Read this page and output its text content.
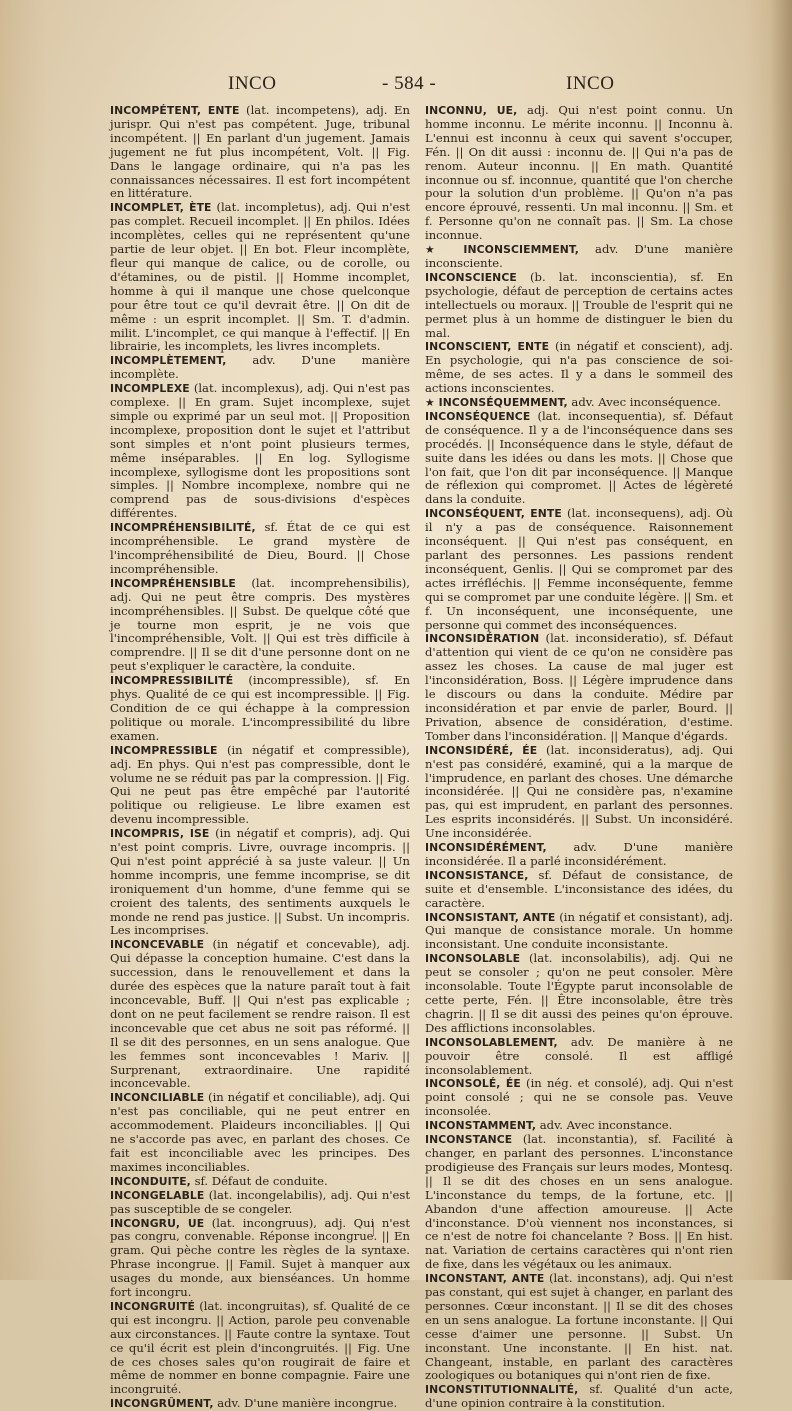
INCO	- 584 -	INCO

INCOMPÉTENT, ENTE (lat. incompetens), adj. En jurispr. Qui n'est pas compétent. Juge, tribunal incompétent. || En parlant d'un jugement. Jamais jugement ne fut plus incompétent, Volt. || Fig. Dans le langage ordinaire, qui n'a pas les connaissances nécessaires. Il est fort incompétent en littérature.

INCOMPLET, ÈTE (lat. incompletus), adj. Qui n'est pas complet. Recueil incomplet. || En philos. Idées incomplètes, celles qui ne représentent qu'une partie de leur objet. || En bot. Fleur incomplète, fleur qui manque de calice, ou de corolle, ou d'étamines, ou de pistil. || Homme incomplet, homme à qui il manque une chose quelconque pour être tout ce qu'il devrait être. || On dit de même : un esprit incomplet. || Sm. T. d'admin. milit. L'incomplet, ce qui manque à l'effectif. || En librairie, les incomplets, les livres incomplets.

INCOMPLÈTEMENT, adv. D'une manière incomplète.

INCOMPLEXE (lat. incomplexus), adj. Qui n'est pas complexe. || En gram. Sujet incomplexe, sujet simple ou exprimé par un seul mot. || Proposition incomplexe, proposition dont le sujet et l'attribut sont simples et n'ont point plusieurs termes, même inséparables. || En log. Syllogisme incomplexe, syllogisme dont les propositions sont simples. || Nombre incomplexe, nombre qui ne comprend pas de sous-divisions d'espèces différentes.

INCOMPRÉHENSIBILITÉ, sf. État de ce qui est incompréhensible. Le grand mystère de l'incompréhensibilité de Dieu, Bourd. || Chose incompréhensible.

INCOMPRÉHENSIBLE (lat. incomprehensibilis), adj. Qui ne peut être compris. Des mystères incompréhensibles. || Subst. De quelque côté que je tourne mon esprit, je ne vois que l'incompréhensible, Volt. || Qui est très difficile à comprendre. || Il se dit d'une personne dont on ne peut s'expliquer le caractère, la conduite.

INCOMPRESSIBILITÉ (incompressible), sf. En phys. Qualité de ce qui est incompressible. || Fig. Condition de ce qui échappe à la compression politique ou morale. L'incompressibilité du libre examen.

INCOMPRESSIBLE (in négatif et compressible), adj. En phys. Qui n'est pas compressible, dont le volume ne se réduit pas par la compression. || Fig. Qui ne peut pas être empêché par l'autorité politique ou religieuse. Le libre examen est devenu incompressible.

INCOMPRIS, ISE (in négatif et compris), adj. Qui n'est point compris. Livre, ouvrage incompris. || Qui n'est point apprécié à sa juste valeur. || Un homme incompris, une femme incomprise, se dit ironiquement d'un homme, d'une femme qui se croient des talents, des sentiments auxquels le monde ne rend pas justice. || Subst. Un incompris. Les incomprises.

INCONCEVABLE (in négatif et concevable), adj. Qui dépasse la conception humaine. C'est dans la succession, dans le renouvellement et dans la durée des espèces que la nature paraît tout à fait inconcevable, Buff. || Qui n'est pas explicable ; dont on ne peut facilement se rendre raison. Il est inconcevable que cet abus ne soit pas réformé. || Il se dit des personnes, en un sens analogue. Que les femmes sont inconcevables ! Mariv. || Surprenant, extraordinaire. Une rapidité inconcevable.

INCONCILIABLE (in négatif et conciliable), adj. Qui n'est pas conciliable, qui ne peut entrer en accommodement. Plaideurs inconciliables. || Qui ne s'accorde pas avec, en parlant des choses. Ce fait est inconciliable avec les principes. Des maximes inconciliables.

INCONDUITE, sf. Défaut de conduite.

INCONGELABLE (lat. incongelabilis), adj. Qui n'est pas susceptible de se congeler.

INCONGRU, UE (lat. incongruus), adj. Qui n'est pas congru, convenable. Réponse incongrue. || En gram. Qui pèche contre les règles de la syntaxe. Phrase incongrue. || Famil. Sujet à manquer aux usages du monde, aux bienséances. Un homme fort incongru.

INCONGRUITÉ (lat. incongruitas), sf. Qualité de ce qui est incongru. || Action, parole peu convenable aux circonstances. || Faute contre la syntaxe. Tout ce qu'il écrit est plein d'incongruités. || Fig. Une de ces choses sales qu'on rougirait de faire et même de nommer en bonne compagnie. Faire une incongruité.

INCONGRÛMENT, adv. D'une manière incongrue.

INCONNU, UE, adj. Qui n'est point connu. Un homme inconnu. Le mérite inconnu. || Inconnu à. L'ennui est inconnu à ceux qui savent s'occuper, Fén. || On dit aussi : inconnu de. || Qui n'a pas de renom. Auteur inconnu. || En math. Quantité inconnue ou sf. inconnue, quantité que l'on cherche pour la solution d'un problème. || Qu'on n'a pas encore éprouvé, ressenti. Un mal inconnu. || Sm. et f. Personne qu'on ne connaît pas. || Sm. La chose inconnue.

★ INCONSCIEMMENT, adv. D'une manière inconsciente.

INCONSCIENCE (b. lat. inconscientia), sf. En psychologie, défaut de perception de certains actes intellectuels ou moraux. || Trouble de l'esprit qui ne permet plus à un homme de distinguer le bien du mal.

INCONSCIENT, ENTE (in négatif et conscient), adj. En psychologie, qui n'a pas conscience de soi-même, de ses actes. Il y a dans le sommeil des actions inconscientes.

★ INCONSÉQUEMMENT, adv. Avec inconséquence.

INCONSÉQUENCE (lat. inconsequentia), sf. Défaut de conséquence. Il y a de l'inconséquence dans ses procédés. || Inconséquence dans le style, défaut de suite dans les idées ou dans les mots. || Chose que l'on fait, que l'on dit par inconséquence. || Manque de réflexion qui compromet. || Actes de légèreté dans la conduite.

INCONSÉQUENT, ENTE (lat. inconsequens), adj. Où il n'y a pas de conséquence. Raisonnement inconséquent. || Qui n'est pas conséquent, en parlant des personnes. Les passions rendent inconséquent, Genlis. || Qui se compromet par des actes irréfléchis. || Femme inconséquente, femme qui se compromet par une conduite légère. || Sm. et f. Un inconséquent, une inconséquente, une personne qui commet des inconséquences.

INCONSIDÉRATION (lat. inconsideratio), sf. Défaut d'attention qui vient de ce qu'on ne considère pas assez les choses. La cause de mal juger est l'inconsidération, Boss. || Légère imprudence dans le discours ou dans la conduite. Médire par inconsidération et par envie de parler, Bourd. || Privation, absence de considération, d'estime. Tomber dans l'inconsidération. || Manque d'égards.

INCONSIDÉRÉ, ÉE (lat. inconsideratus), adj. Qui n'est pas considéré, examiné, qui a la marque de l'imprudence, en parlant des choses. Une démarche inconsidérée. || Qui ne considère pas, n'examine pas, qui est imprudent, en parlant des personnes. Les esprits inconsidérés. || Subst. Un inconsidéré. Une inconsidérée.

INCONSIDÉRÉMENT, adv. D'une manière inconsidérée. Il a parlé inconsidérément.

INCONSISTANCE, sf. Défaut de consistance, de suite et d'ensemble. L'inconsistance des idées, du caractère.

INCONSISTANT, ANTE (in négatif et consistant), adj. Qui manque de consistance morale. Un homme inconsistant. Une conduite inconsistante.

INCONSOLABLE (lat. inconsolabilis), adj. Qui ne peut se consoler ; qu'on ne peut consoler. Mère inconsolable. Toute l'Égypte parut inconsolable de cette perte, Fén. || Être inconsolable, être très chagrin. || Il se dit aussi des peines qu'on éprouve. Des afflictions inconsolables.

INCONSOLABLEMENT, adv. De manière à ne pouvoir être consolé. Il est affligé inconsolablement.

INCONSOLÉ, ÉE (in nég. et consolé), adj. Qui n'est point consolé ; qui ne se console pas. Veuve inconsolée.

INCONSTAMMENT, adv. Avec inconstance.

INCONSTANCE (lat. inconstantia), sf. Facilité à changer, en parlant des personnes. L'inconstance prodigieuse des Français sur leurs modes, Montesq. || Il se dit des choses en un sens analogue. L'inconstance du temps, de la fortune, etc. || Abandon d'une affection amoureuse. || Acte d'inconstance. D'où viennent nos inconstances, si ce n'est de notre foi chancelante ? Boss. || En hist. nat. Variation de certains caractères qui n'ont rien de fixe, dans les végétaux ou les animaux.

INCONSTANT, ANTE (lat. inconstans), adj. Qui n'est pas constant, qui est sujet à changer, en parlant des personnes. Cœur inconstant. || Il se dit des choses en un sens analogue. La fortune inconstante. || Qui cesse d'aimer une personne. || Subst. Un inconstant. Une inconstante. || En hist. nat. Changeant, instable, en parlant des caractères zoologiques ou botaniques qui n'ont rien de fixe.

INCONSTITUTIONNALITÉ, sf. Qualité d'un acte, d'une opinion contraire à la constitution.
